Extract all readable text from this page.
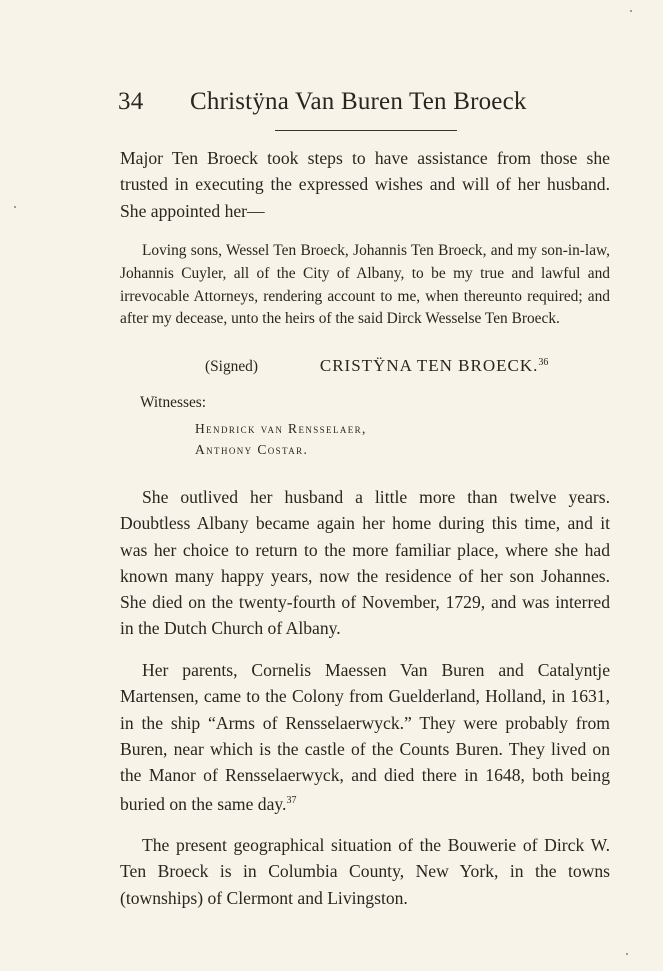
34 Christÿna Van Buren Ten Broeck

Major Ten Broeck took steps to have assistance from those she trusted in executing the expressed wishes and will of her husband. She appointed her—

Loving sons, Wessel Ten Broeck, Johannis Ten Broeck, and my son-in-law, Johannis Cuyler, all of the City of Albany, to be my true and lawful and irrevocable Attorneys, rendering account to me, when thereunto required; and after my decease, unto the heirs of the said Dirck Wesselse Ten Broeck.

(Signed)	CRISTŸNA TEN BROECK.$^{36}$
Witnesses:
Hendrick van Rensselaer,
Anthony Costar.

She outlived her husband a little more than twelve years. Doubtless Albany became again her home during this time, and it was her choice to return to the more familiar place, where she had known many happy years, now the residence of her son Johannes. She died on the twenty-fourth of November, 1729, and was interred in the Dutch Church of Albany.

Her parents, Cornelis Maessen Van Buren and Catalyntje Martensen, came to the Colony from Guelderland, Holland, in 1631, in the ship “Arms of Rensselaerwyck.” They were probably from Buren, near which is the castle of the Counts Buren. They lived on the Manor of Rensselaerwyck, and died there in 1648, both being buried on the same day.$^{37}$

The present geographical situation of the Bouwerie of Dirck W. Ten Broeck is in Columbia County, New York, in the towns (townships) of Clermont and Livingston.
